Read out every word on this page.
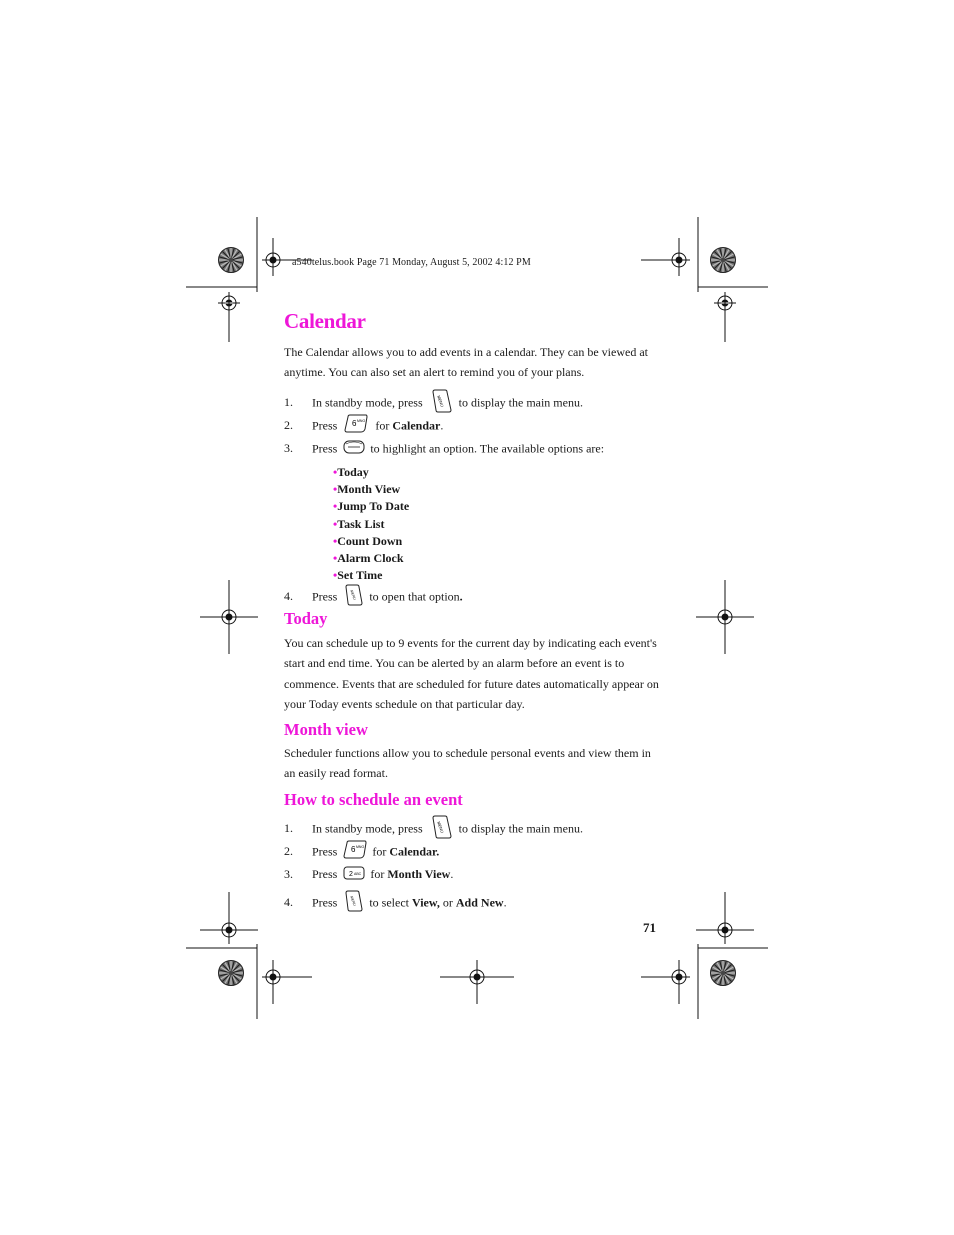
a540telus.book Page 71 Monday, August 5, 2002 4:12 PM
Calendar
The Calendar allows you to add events in a calendar. They can be viewed at anytime. You can also set an alert to remind you of your plans.
1. In standby mode, press	MENU to display the main menu.
2. Press 6 MNO for Calendar.
3. Press	to highlight an option. The available options are:
•Today
•Month View
•Jump To Date
•Task List
•Count Down
•Alarm Clock
•Set Time
4. Press	MENU to open that option.
Today
You can schedule up to 9 events for the current day by indicating each event's start and end time. You can be alerted by an alarm before an event is to commence. Events that are scheduled for future dates automatically appear on your Today events schedule on that particular day.
Month view
Scheduler functions allow you to schedule personal events and view them in an easily read format.
How to schedule an event
1. In standby mode, press	MENU to display the main menu.
2. Press 6 MNO for Calendar.
3. Press 2 ABC for Month View.
4. Press	MENU to select View, or Add New.
71
